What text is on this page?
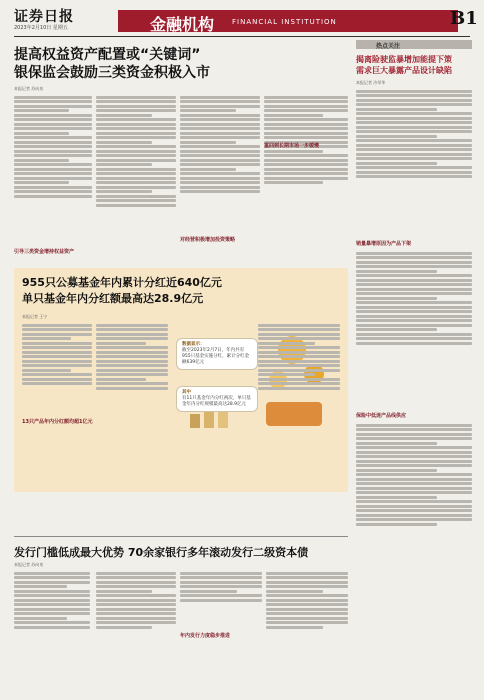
证券日报
2023年2月10日 星期五	金融机构	FINANCIAL INSTITUTION	B1
提高权益资产配置或“关键词”
银保监会鼓励三类资金积极入市
本报记者 苏向泉
引导三类资金增持权益资产
对经营积极增加投资策略
重回到长期市场一步缓慢
热点关注
揭离险驶监暴增加能提下策
需求巨大暴露产品设计缺陷
本报记者 冷翠华
销量暴增原因为产品下架
保险中低迷产品线供应
955只公募基金年内累计分红近640亿元
单只基金年内分红额最高达28.9亿元
本报记者 王宁
13只产品年内分红额均超1亿元
数据显示：
截至2023年2月7日，年内共有955只基金实施分红，累计分红金额639亿元
其中
有11只基金年内分红两次，单只基金年内分红规模最高达28.9亿元
发行门槛低成最大优势 70余家银行多年滚动发行二级资本债
本报记者 苏向泉
年内发行力度稳步推进
